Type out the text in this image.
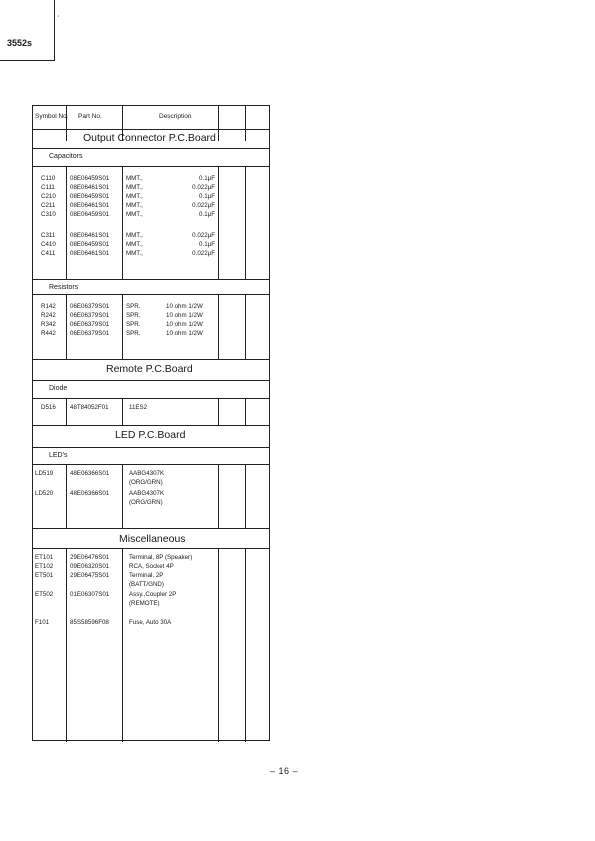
3552s
'
Symbol No. Part No.	Description
Output Connector P.C.Board
Capacitors
C110 08E06459S01	MMT.,	0.1μF
C111 08E06461S01	MMT.,	0.022μF
C210 08E06459S01	MMT.,	0.1μF
C211 08E06461S01	MMT.,	0.022μF
C310 08E06459S01	MMT.,	0.1μF
C311 08E06461S01	MMT.,	0.022μF
C410 08E06459S01	MMT.,	0.1μF
C411 08E06461S01	MMT.,	0.022μF
Resistors
R142 06E06379S01	SPR.	10 ohm 1/2W
R242 06E06379S01	SPR.	10 ohm 1/2W
R342 06E06379S01	SPR.	10 ohm 1/2W
R442 06E06379S01	SPR.	10 ohm 1/2W
Remote P.C.Board
Diode
D516 48T84052F01	11ES2
LED P.C.Board
LED's
LD519	48E06366S01	AABG4307K
(ORG/GRN)
LD520	48E06366S01	AABG4307K
(ORG/GRN)
Miscellaneous
ET101	29E06476S01	Terminal, 8P (Speaker)
ET102	09E06320S01	RCA, Socket 4P
ET501	29E06475S01	Terminal, 2P
(BATT/GND)
ET502	01E06307S01	Assy.,Coupler 2P
(REMOTE)
F101	85S58596F08	Fuse, Auto 30A
– 16 –
